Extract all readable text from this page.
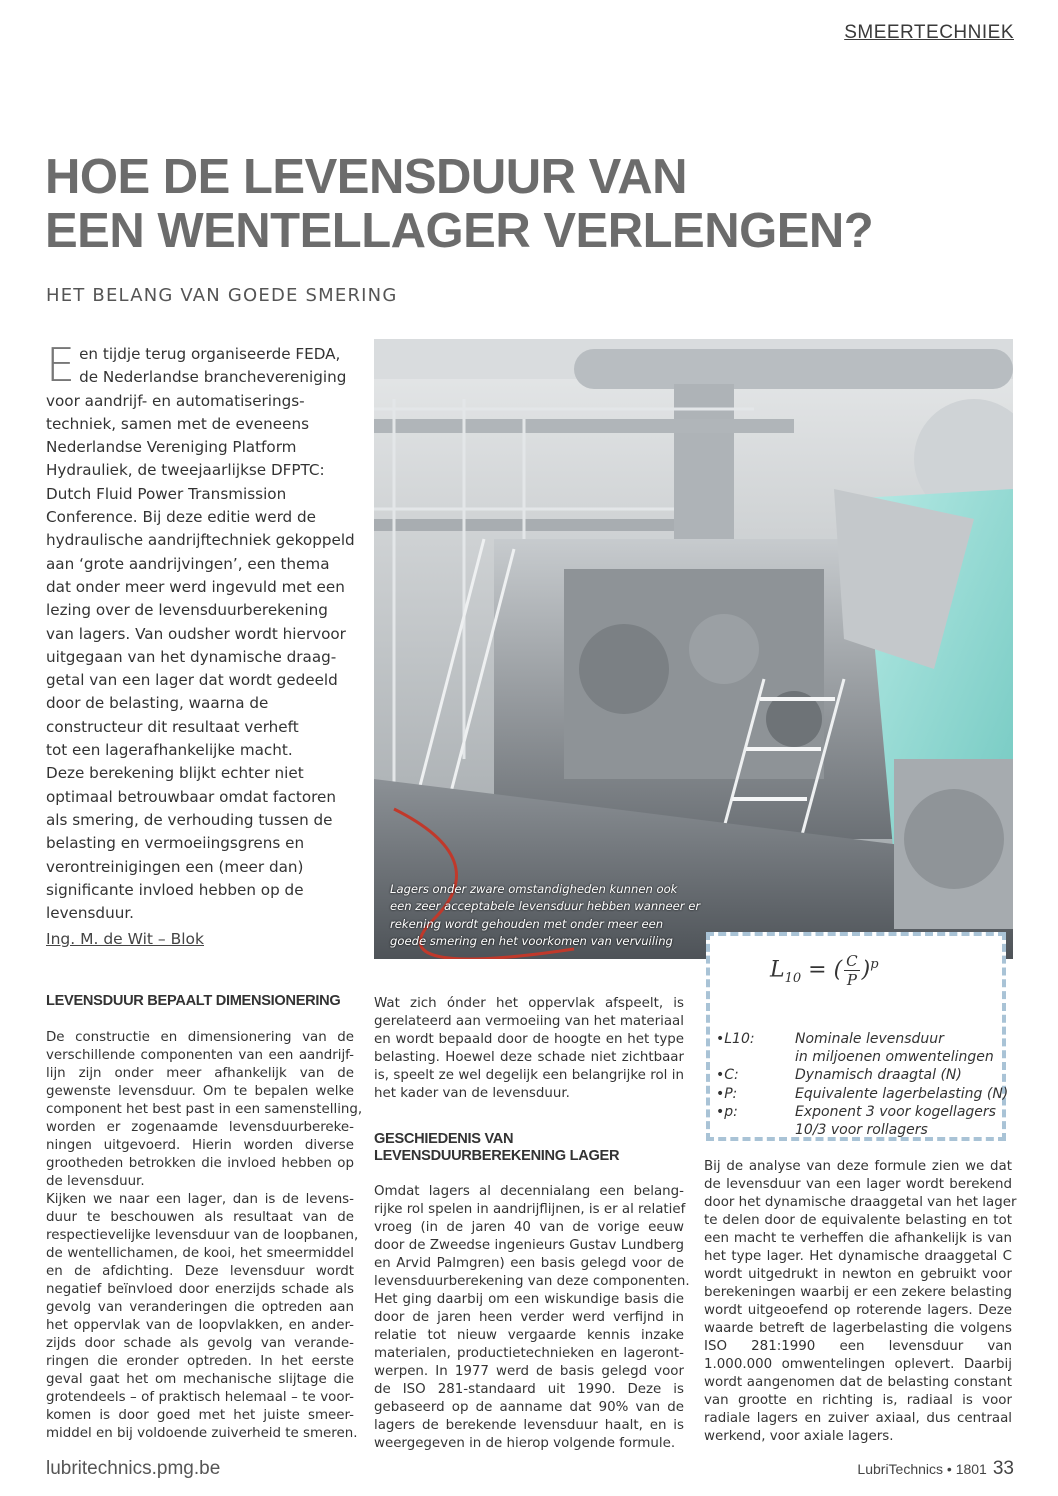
SMEERTECHNIEK
HOE DE LEVENSDUUR VAN
EEN WENTELLAGER VERLENGEN?
HET BELANG VAN GOEDE SMERING
E en tijdje terug organiseerde FEDA,
de Nederlandse branchevereniging
voor aandrijf- en automatiserings-
techniek, samen met de eveneens
Nederlandse Vereniging Platform
Hydrauliek, de tweejaarlijkse DFPTC:
Dutch Fluid Power Transmission
Conference. Bij deze editie werd de
hydraulische aandrijftechniek gekoppeld
aan ‘grote aandrijvingen’, een thema
dat onder meer werd ingevuld met een
lezing over de levensduurberekening
van lagers. Van oudsher wordt hiervoor
uitgegaan van het dynamische draag-
getal van een lager dat wordt gedeeld
door de belasting, waarna de
constructeur dit resultaat verheft
tot een lagerafhankelijke macht.
Deze berekening blijkt echter niet
optimaal betrouwbaar omdat factoren
als smering, de verhouding tussen de
belasting en vermoeiingsgrens en
verontreinigingen een (meer dan)
significante invloed hebben op de
levensduur.
Ing. M. de Wit – Blok
Lagers onder zware omstandigheden kunnen ook
een zeer acceptabele levensduur hebben wanneer er
rekening wordt gehouden met onder meer een
goede smering en het voorkomen van vervuiling
$L_{10}$ = ( $\frac{C}{P} )^p$
•L10:	Nominale levensduur
in miljoenen omwentelingen
•C:	Dynamisch draagtal (N)
•P:	Equivalente lagerbelasting (N)
•p:	Exponent 3 voor kogellagers
10/3 voor rollagers
LEVENSDUUR BEPAALT DIMENSIONERING
De constructie en dimensionering van de
verschillende componenten van een aandrijf-
lijn zijn onder meer afhankelijk van de
gewenste levensduur. Om te bepalen welke
component het best past in een samenstelling,
worden er zogenaamde levensduurbereke-
ningen uitgevoerd. Hierin worden diverse
grootheden betrokken die invloed hebben op
de levensduur.
Kijken we naar een lager, dan is de levens-
duur te beschouwen als resultaat van de
respectievelijke levensduur van de loopbanen,
de wentellichamen, de kooi, het smeermiddel
en de afdichting. Deze levensduur wordt
negatief beïnvloed door enerzijds schade als
gevolg van veranderingen die optreden aan
het oppervlak van de loopvlakken, en ander-
zijds door schade als gevolg van verande-
ringen die eronder optreden. In het eerste
geval gaat het om mechanische slijtage die
grotendeels – of praktisch helemaal – te voor-
komen is door goed met het juiste smeer-
middel en bij voldoende zuiverheid te smeren.
Wat zich ónder het oppervlak afspeelt, is
gerelateerd aan vermoeiing van het materiaal
en wordt bepaald door de hoogte en het type
belasting. Hoewel deze schade niet zichtbaar
is, speelt ze wel degelijk een belangrijke rol in
het kader van de levensduur.
GESCHIEDENIS VAN
LEVENSDUURBEREKENING LAGER
Omdat lagers al decennialang een belang-
rijke rol spelen in aandrijflijnen, is er al relatief
vroeg (in de jaren 40 van de vorige eeuw
door de Zweedse ingenieurs Gustav Lundberg
en Arvid Palmgren) een basis gelegd voor de
levensduurberekening van deze componenten.
Het ging daarbij om een wiskundige basis die
door de jaren heen verder werd verfijnd in
relatie tot nieuw vergaarde kennis inzake
materialen, productietechnieken en lageront-
werpen. In 1977 werd de basis gelegd voor
de ISO 281-standaard uit 1990. Deze is
gebaseerd op de aanname dat 90% van de
lagers de berekende levensduur haalt, en is
weergegeven in de hierop volgende formule.
Bij de analyse van deze formule zien we dat
de levensduur van een lager wordt berekend
door het dynamische draaggetal van het lager
te delen door de equivalente belasting en tot
een macht te verheffen die afhankelijk is van
het type lager. Het dynamische draaggetal C
wordt uitgedrukt in newton en gebruikt voor
berekeningen waarbij er een zekere belasting
wordt uitgeoefend op roterende lagers. Deze
waarde betreft de lagerbelasting die volgens
ISO 281:1990 een levensduur van
1.000.000 omwentelingen oplevert. Daarbij
wordt aangenomen dat de belasting constant
van grootte en richting is, radiaal is voor
radiale lagers en zuiver axiaal, dus centraal
werkend, voor axiale lagers.
lubritechnics.pmg.be	LubriTechnics • 1801 33
